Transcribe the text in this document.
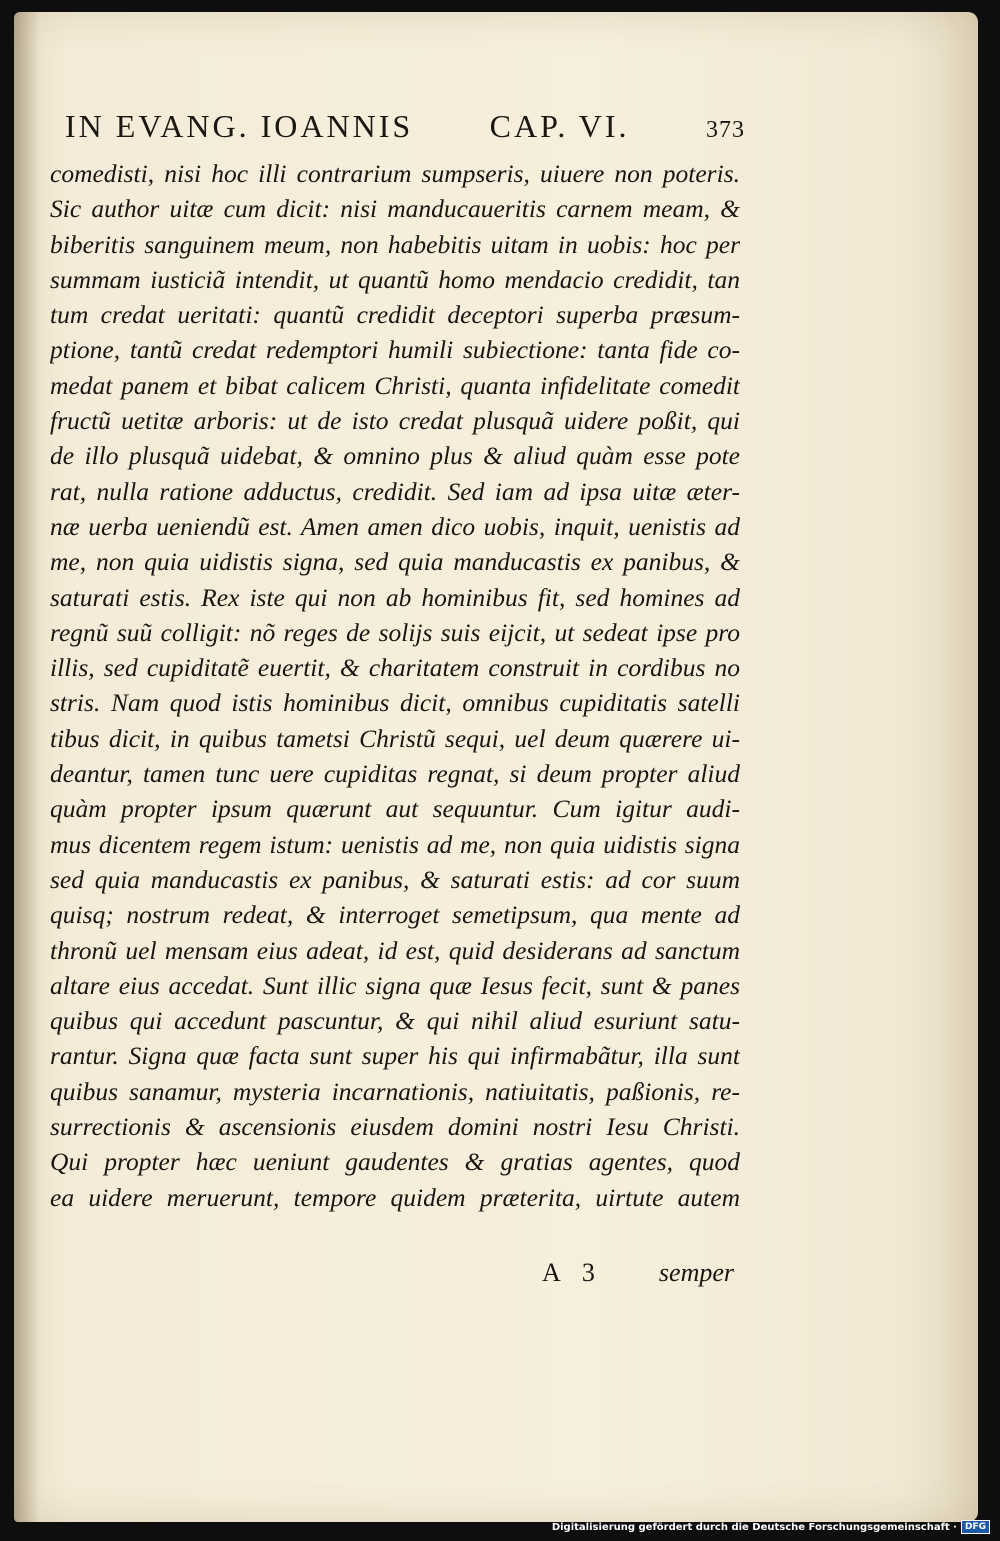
IN EVANG. IOANNIS CAP. VI.	373
comedisti, nisi hoc illi contrarium sumpseris, uiuere non poteris.
Sic author uitæ cum dicit: nisi manducaueritis carnem meam, &
biberitis sanguinem meum, non habebitis uitam in uobis: hoc per
summam iusticiã intendit, ut quantũ homo mendacio credidit, tan
tum credat ueritati: quantũ credidit deceptori superba præsum-
ptione, tantũ credat redemptori humili subiectione: tanta fide co-
medat panem et bibat calicem Christi, quanta infidelitate comedit
fructũ uetitæ arboris: ut de isto credat plusquã uidere poßit, qui
de illo plusquã uidebat, & omnino plus & aliud quàm esse pote
rat, nulla ratione adductus, credidit. Sed iam ad ipsa uitæ æter-
næ uerba ueniendũ est. Amen amen dico uobis, inquit, uenistis ad
me, non quia uidistis signa, sed quia manducastis ex panibus, &
saturati estis. Rex iste qui non ab hominibus fit, sed homines ad
regnũ suũ colligit: nõ reges de solijs suis eijcit, ut sedeat ipse pro
illis, sed cupiditatẽ euertit, & charitatem construit in cordibus no
stris. Nam quod istis hominibus dicit, omnibus cupiditatis satelli
tibus dicit, in quibus tametsi Christũ sequi, uel deum quærere ui-
deantur, tamen tunc uere cupiditas regnat, si deum propter aliud
quàm propter ipsum quærunt aut sequuntur. Cum igitur audi-
mus dicentem regem istum: uenistis ad me, non quia uidistis signa
sed quia manducastis ex panibus, & saturati estis: ad cor suum
quisq; nostrum redeat, & interroget semetipsum, qua mente ad
thronũ uel mensam eius adeat, id est, quid desiderans ad sanctum
altare eius accedat. Sunt illic signa quæ Iesus fecit, sunt & panes
quibus qui accedunt pascuntur, & qui nihil aliud esuriunt satu-
rantur. Signa quæ facta sunt super his qui infirmabãtur, illa sunt
quibus sanamur, mysteria incarnationis, natiuitatis, paßionis, re-
surrectionis & ascensionis eiusdem domini nostri Iesu Christi.
Qui propter hæc ueniunt gaudentes & gratias agentes, quod
ea uidere meruerunt, tempore quidem præterita, uirtute autem
A 3 semper
Digitalisierung gefördert durch die Deutsche Forschungsgemeinschaft · DFG
